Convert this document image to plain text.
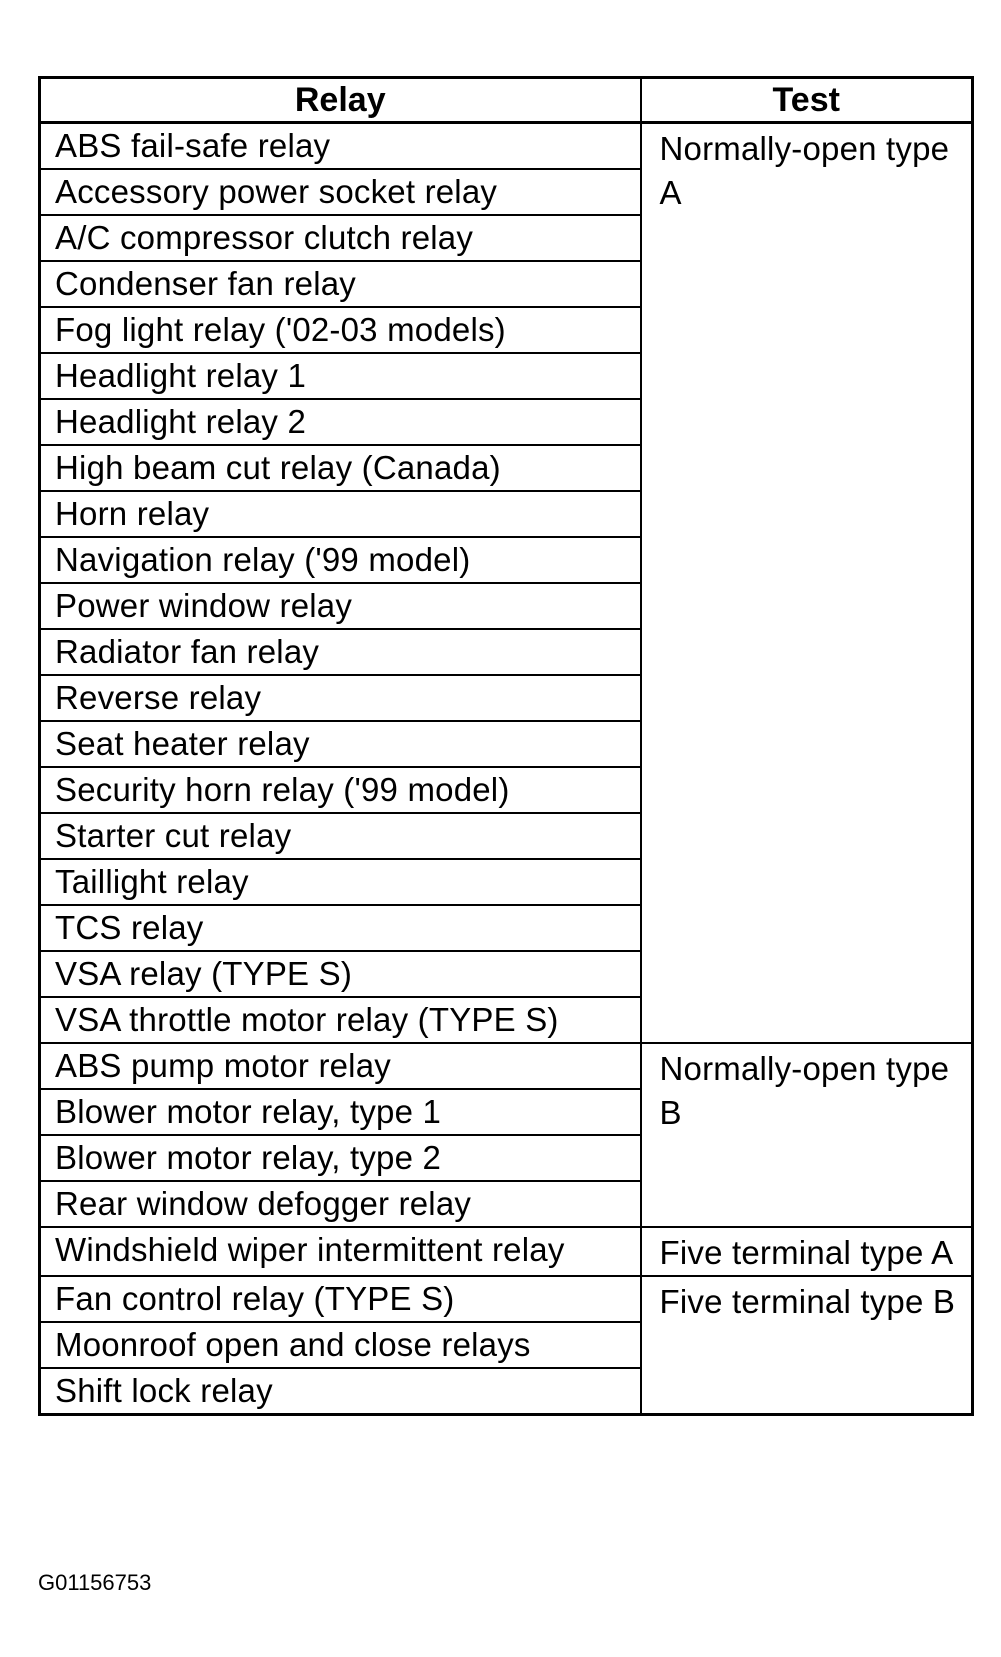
Relay	Test
ABS fail-safe relay	Normally-open type A
Accessory power socket relay	
A/C compressor clutch relay	
Condenser fan relay	
Fog light relay ('02-03 models)	
Headlight relay 1	
Headlight relay 2	
High beam cut relay (Canada)	
Horn relay	
Navigation relay ('99 model)	
Power window relay	
Radiator fan relay	
Reverse relay	
Seat heater relay	
Security horn relay ('99 model)	
Starter cut relay	
Taillight relay	
TCS relay	
VSA relay (TYPE S)	
VSA throttle motor relay (TYPE S)	
ABS pump motor relay	Normally-open type B
Blower motor relay, type 1	
Blower motor relay, type 2	
Rear window defogger relay	
Windshield wiper intermittent relay	Five terminal type A
Fan control relay (TYPE S)	Five terminal type B
Moonroof open and close relays	
Shift lock relay	
G01156753
